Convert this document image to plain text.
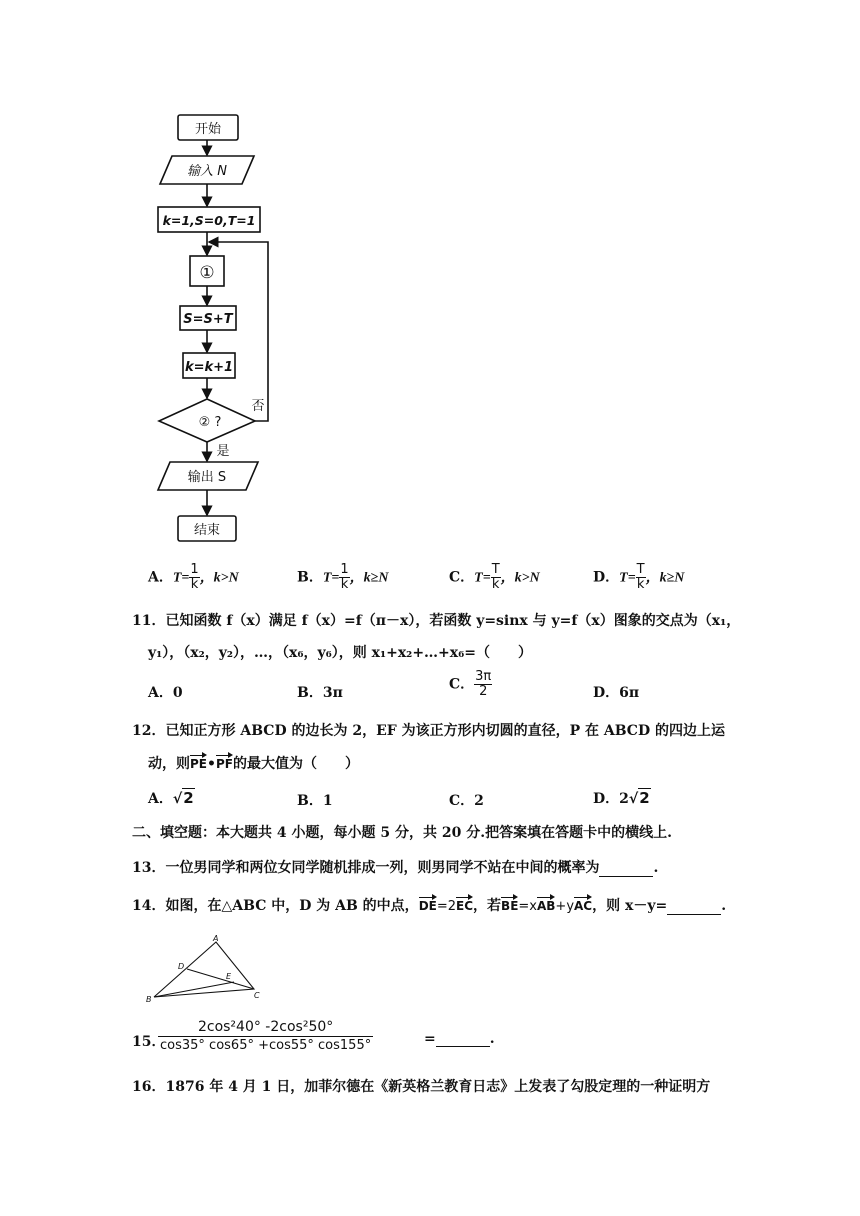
开始
输入 N
k=1,S=0,T=1
①
S=S+T
k=k+1
② ?
否
是
输出 S
结束
A．$T= \frac{1}{k}$ ，k>N	B．$T= \frac{1}{k}$ ，k≥N	C．$T= \frac{T}{k}$ ，k>N	D．$T= \frac{T}{k}$ ，k≥N
11．已知函数 f（x）满足 f（x）=f（π－x），若函数 y=sinx 与 y=f（x）图象的交点为（x₁，
y₁），（x₂，y₂），…，（x₆，y₆），则 x₁+x₂+…+x₆=（　　）
A．0	B．3π
C． $\frac{3\pi}{2}$	D．6π
12．已知正方形 ABCD 的边长为 2，EF 为该正方形内切圆的直径，P 在 ABCD 的四边上运
动，则PE•PF的最大值为（　　）
A．√2	B．1	C．2	D．2√2
二、填空题：本大题共 4 小题，每小题 5 分，共 20 分.把答案填在答题卡中的横线上.
13．一位男同学和两位女同学随机排成一列，则男同学不站在中间的概率为	.
14．如图，在△ABC 中，D 为 AB 的中点，DE=2EC，若BE=xAB+yAC，则 x－y=	.
A
B	C
D
E
15．
$\frac{\text{2cos²40° -2cos²50°}}{\cos 35^\circ \cos 65^\circ +\cos 55^\circ \cos 155^\circ}$	=	.
16．1876 年 4 月 1 日，加菲尔德在《新英格兰教育日志》上发表了勾股定理的一种证明方
